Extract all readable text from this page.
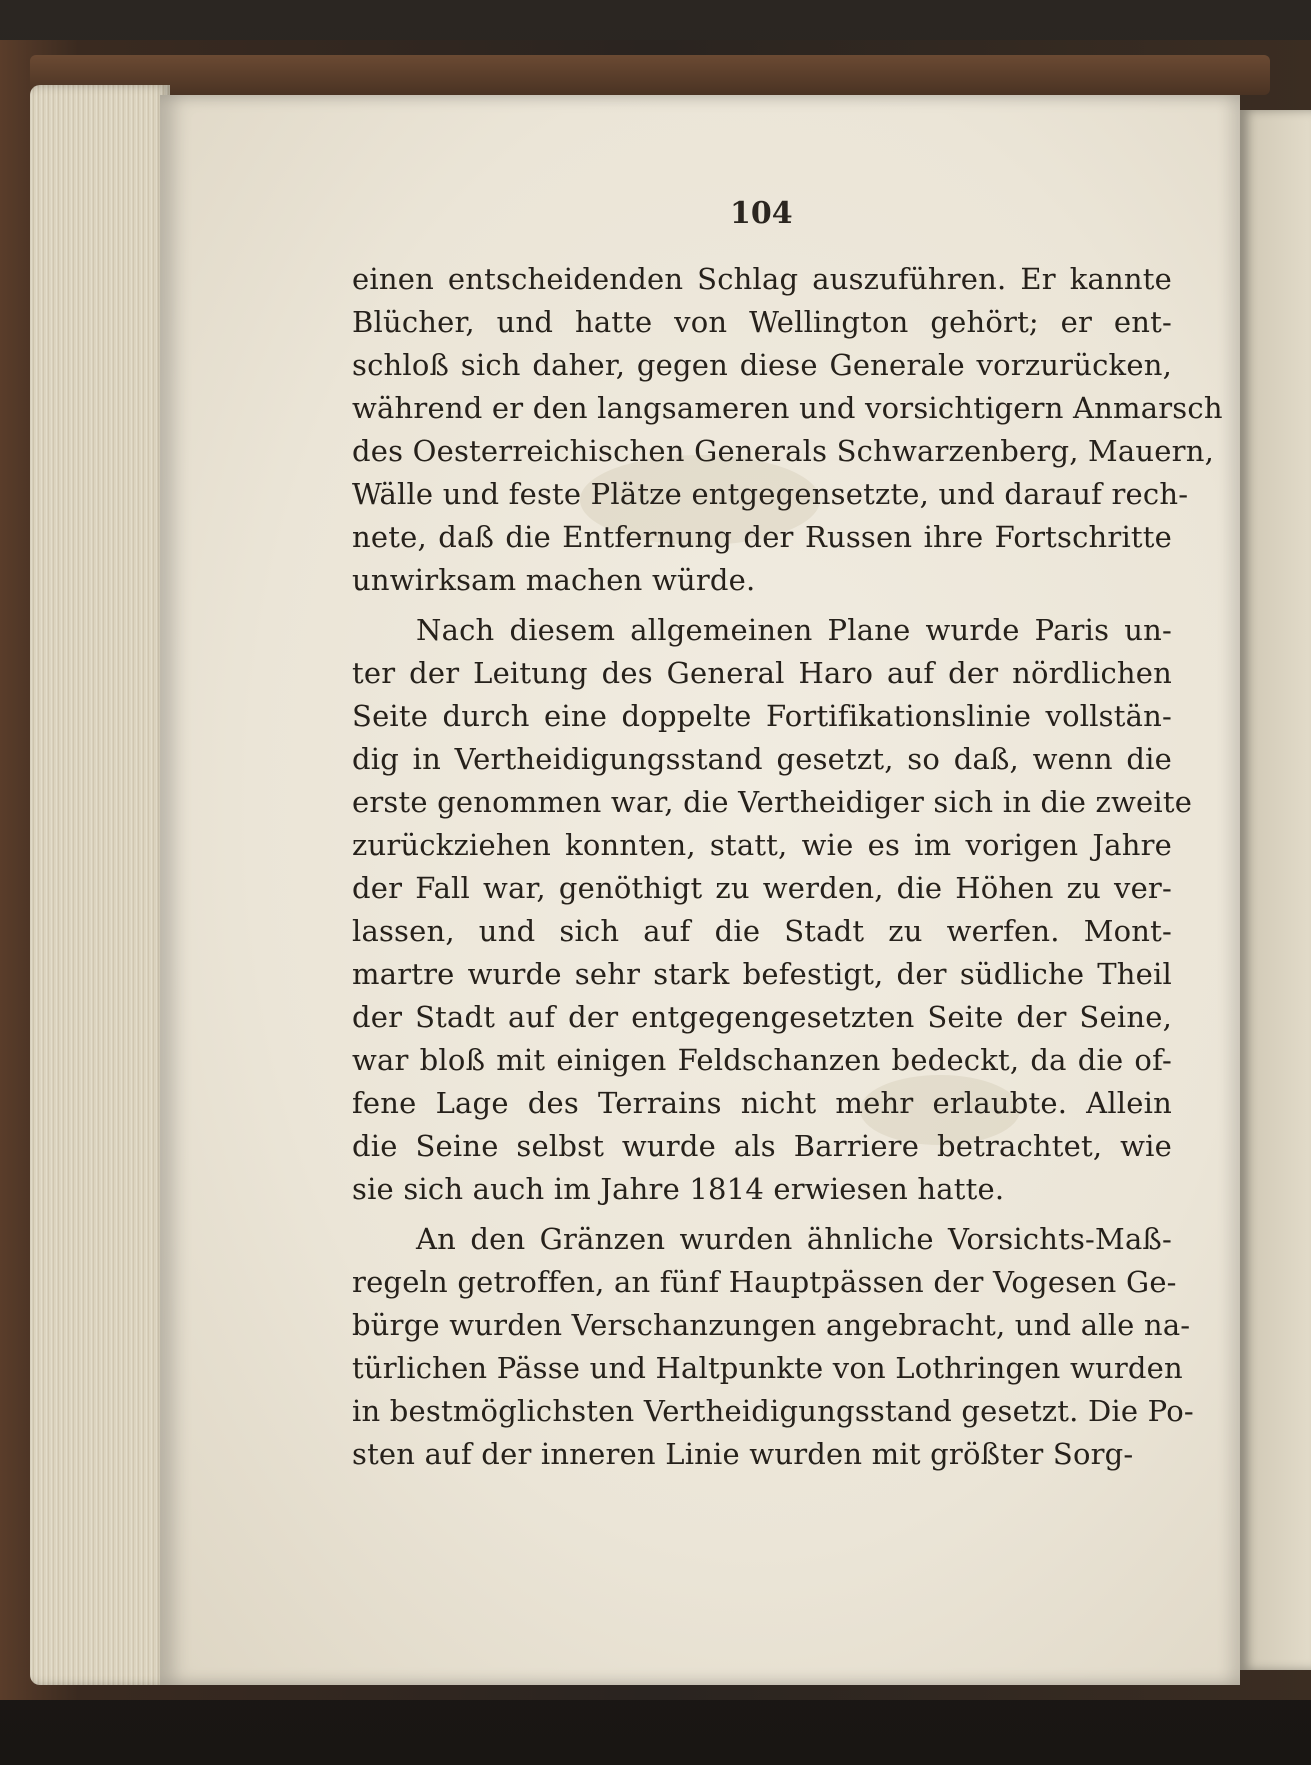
104
einen entscheidenden Schlag auszuführen. Er kannte
Blücher, und hatte von Wellington gehört; er ent-
schloß sich daher, gegen diese Generale vorzurücken,
während er den langsameren und vorsichtigern Anmarsch
des Oesterreichischen Generals Schwarzenberg, Mauern,
Wälle und feste Plätze entgegensetzte, und darauf rech-
nete, daß die Entfernung der Russen ihre Fortschritte
unwirksam machen würde.
Nach diesem allgemeinen Plane wurde Paris un-
ter der Leitung des General Haro auf der nördlichen
Seite durch eine doppelte Fortifikationslinie vollstän-
dig in Vertheidigungsstand gesetzt, so daß, wenn die
erste genommen war, die Vertheidiger sich in die zweite
zurückziehen konnten, statt, wie es im vorigen Jahre
der Fall war, genöthigt zu werden, die Höhen zu ver-
lassen, und sich auf die Stadt zu werfen. Mont-
martre wurde sehr stark befestigt, der südliche Theil
der Stadt auf der entgegengesetzten Seite der Seine,
war bloß mit einigen Feldschanzen bedeckt, da die of-
fene Lage des Terrains nicht mehr erlaubte. Allein
die Seine selbst wurde als Barriere betrachtet, wie
sie sich auch im Jahre 1814 erwiesen hatte.
An den Gränzen wurden ähnliche Vorsichts-Maß-
regeln getroffen, an fünf Hauptpässen der Vogesen Ge-
bürge wurden Verschanzungen angebracht, und alle na-
türlichen Pässe und Haltpunkte von Lothringen wurden
in bestmöglichsten Vertheidigungsstand gesetzt. Die Po-
sten auf der inneren Linie wurden mit größter Sorg-
